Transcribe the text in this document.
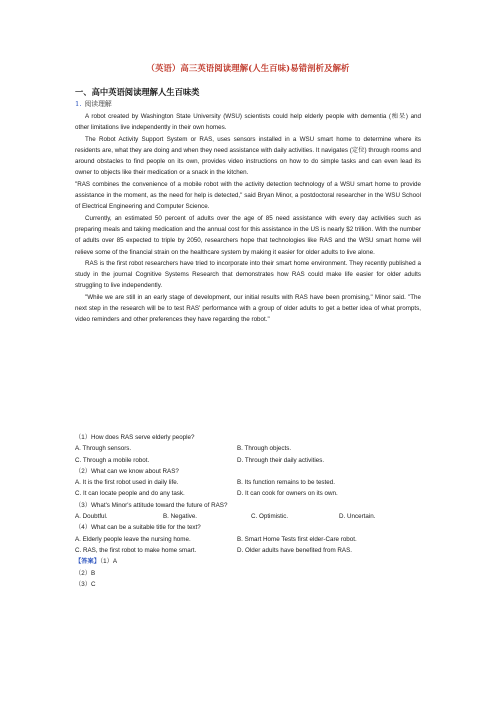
（英语）高三英语阅读理解(人生百味)易错剖析及解析
一、高中英语阅读理解人生百味类
1. 阅读理解

A robot created by Washington State University (WSU) scientists could help elderly people with dementia (痴呆) and other limitations live independently in their own homes.

The Robot Activity Support System or RAS, uses sensors installed in a WSU smart home to determine where its residents are, what they are doing and when they need assistance with daily activities. It navigates (定位) through rooms and around obstacles to find people on its own, provides video instructions on how to do simple tasks and can even lead its owner to objects like their medication or a snack in the kitchen.

"RAS combines the convenience of a mobile robot with the activity detection technology of a WSU smart home to provide assistance in the moment, as the need for help is detected," said Bryan Minor, a postdoctoral researcher in the WSU School of Electrical Engineering and Computer Science.

Currently, an estimated 50 percent of adults over the age of 85 need assistance with every day activities such as preparing meals and taking medication and the annual cost for this assistance in the US is nearly $2 trillion. With the number of adults over 85 expected to triple by 2050, researchers hope that technologies like RAS and the WSU smart home will relieve some of the financial strain on the healthcare system by making it easier for older adults to live alone.

RAS is the first robot researchers have tried to incorporate into their smart home environment. They recently published a study in the journal Cognitive Systems Research that demonstrates how RAS could make life easier for older adults struggling to live independently.

"While we are still in an early stage of development, our initial results with RAS have been promising," Minor said. "The next step in the research will be to test RAS' performance with a group of older adults to get a better idea of what prompts, video reminders and other preferences they have regarding the robot."

（1）How does RAS serve elderly people?
A. Through sensors.	B. Through objects.
C. Through a mobile robot.	D. Through their daily activities.
（2）What can we know about RAS?
A. It is the first robot used in daily life.	B. Its function remains to be tested.
C. It can locate people and do any task.	D. It can cook for owners on its own.
（3）What's Minor's attitude toward the future of RAS?
A. Doubtful.	B. Negative.	C. Optimistic.	D. Uncertain.
（4）What can be a suitable title for the text?
A. Elderly people leave the nursing home.	B. Smart Home Tests first elder-Care robot.
C. RAS, the first robot to make home smart.	D. Older adults have benefited from RAS.
【答案】（1）A
（2）B
（3）C
